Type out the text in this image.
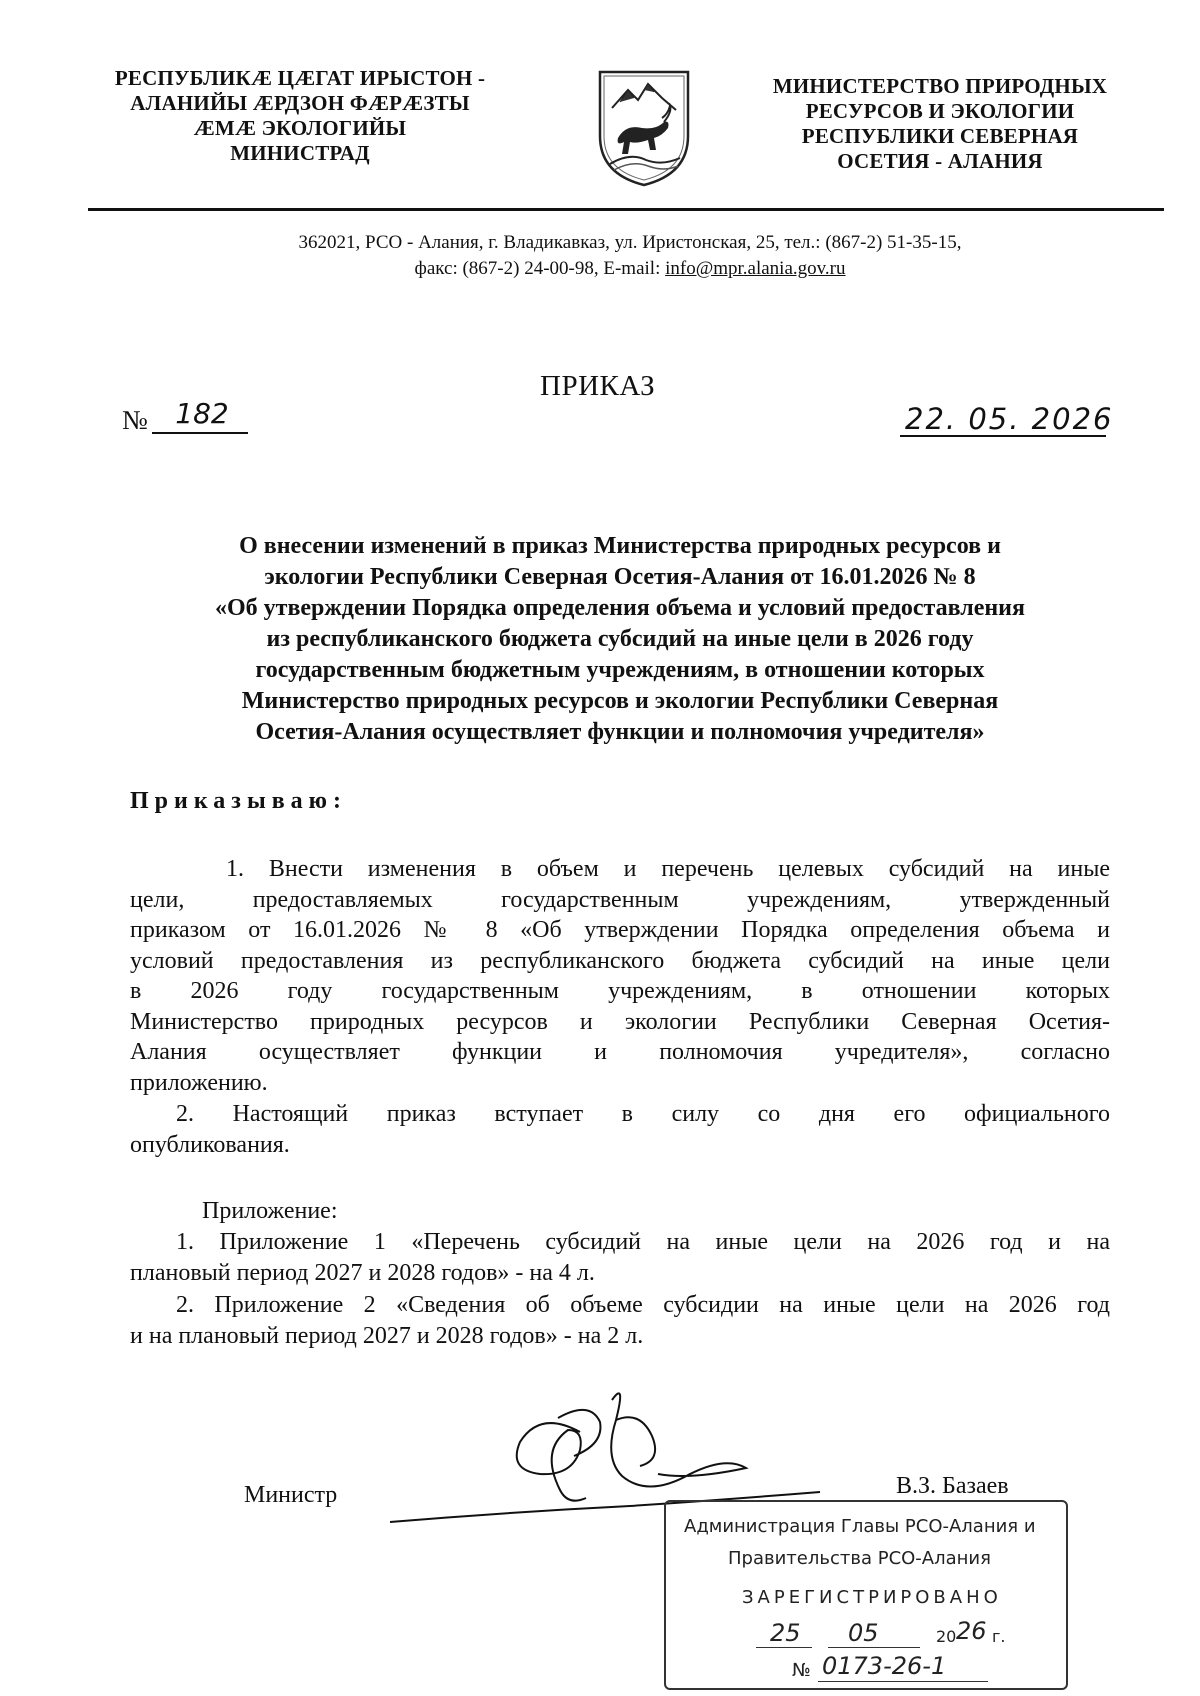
РЕСПУБЛИКӔ ЦӔГАТ ИРЫСТОН -
АЛАНИЙЫ ӔРДЗОН ФӔРӔЗТЫ
ӔМӔ ЭКОЛОГИЙЫ
МИНИСТРАД
МИНИСТЕРСТВО ПРИРОДНЫХ
РЕСУРСОВ И ЭКОЛОГИИ
РЕСПУБЛИКИ СЕВЕРНАЯ
ОСЕТИЯ - АЛАНИЯ
362021, РСО - Алания, г. Владикавказ, ул. Иристонская, 25, тел.: (867-2) 51-35-15,
факс: (867-2) 24-00-98, E-mail: info@mpr.alania.gov.ru
ПРИКАЗ
№ 182	22. 05. 2026
О внесении изменений в приказ Министерства природных ресурсов и
экологии Республики Северная Осетия-Алания от 16.01.2026 № 8
«Об утверждении Порядка определения объема и условий предоставления
из республиканского бюджета субсидий на иные цели в 2026 году
государственным бюджетным учреждениям, в отношении которых
Министерство природных ресурсов и экологии Республики Северная
Осетия-Алания осуществляет функции и полномочия учредителя»
Приказываю:
1. Внести изменения в объем и перечень целевых субсидий на иные
цели, предоставляемых государственным учреждениям, утвержденный
приказом от 16.01.2026 № 8 «Об утверждении Порядка определения объема и
условий предоставления из республиканского бюджета субсидий на иные цели
в 2026 году государственным учреждениям, в отношении которых
Министерство природных ресурсов и экологии Республики Северная Осетия-
Алания осуществляет функции и полномочия учредителя», согласно
приложению.
2. Настоящий приказ вступает в силу со дня его официального
опубликования.
Приложение:
1. Приложение 1 «Перечень субсидий на иные цели на 2026 год и на
плановый период 2027 и 2028 годов» - на 4 л.
2. Приложение 2 «Сведения об объеме субсидии на иные цели на 2026 год
и на плановый период 2027 и 2028 годов» - на 2 л.
Министр	В.З. Базаев
Администрация Главы РСО-Алания и
Правительства РСО-Алания
ЗАРЕГИСТРИРОВАНО
25 05	20 26 г.
№ 0173-26-1
